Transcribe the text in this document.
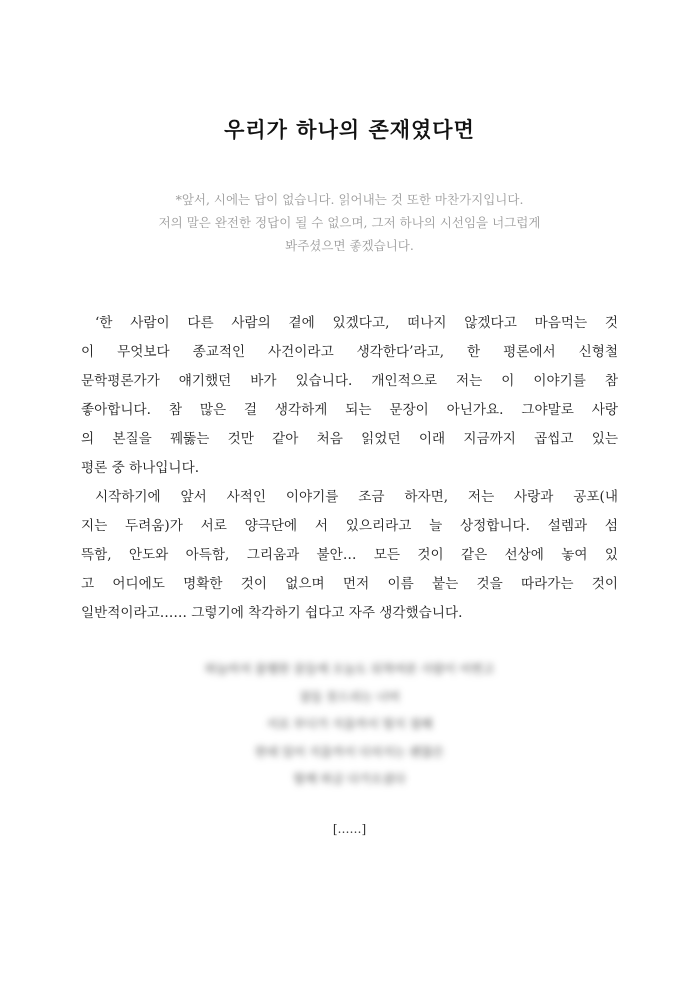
우리가 하나의 존재였다면
*앞서, 시에는 답이 없습니다. 읽어내는 것 또한 마찬가지입니다.
저의 말은 완전한 정답이 될 수 없으며, 그저 하나의 시선임을 너그럽게
봐주셨으면 좋겠습니다.
‘한 사람이 다른 사람의 곁에 있겠다고, 떠나지 않겠다고 마음먹는 것
이 무엇보다 종교적인 사건이라고 생각한다’라고, 한 평론에서 신형철
문학평론가가 얘기했던 바가 있습니다. 개인적으로 저는 이 이야기를 참
좋아합니다. 참 많은 걸 생각하게 되는 문장이 아닌가요. 그야말로 사랑
의 본질을 꿰뚫는 것만 같아 처음 읽었던 이래 지금까지 곱씹고 있는
평론 중 하나입니다.
시작하기에 앞서 사적인 이야기를 조금 하자면, 저는 사랑과 공포(내
지는 두려움)가 서로 양극단에 서 있으리라고 늘 상정합니다. 설렘과 섬
뜩함, 안도와 아득함, 그리움과 불안… 모든 것이 같은 선상에 놓여 있
고 어디에도 명확한 것이 없으며 먼저 이름 붙는 것을 따라가는 것이
일반적이라고…… 그렇기에 착각하기 쉽다고 자주 생각했습니다.
하늘마저 불행한 꿈들에 오늘도 뒤척여본 사람이 어쩐고
잠들 못드리는 너머
서로 부디가 지울까서 멀지 점해
한데 있어 지울까서 다치지는 괜찮은
함께 하글 다가오셨다
[……]
